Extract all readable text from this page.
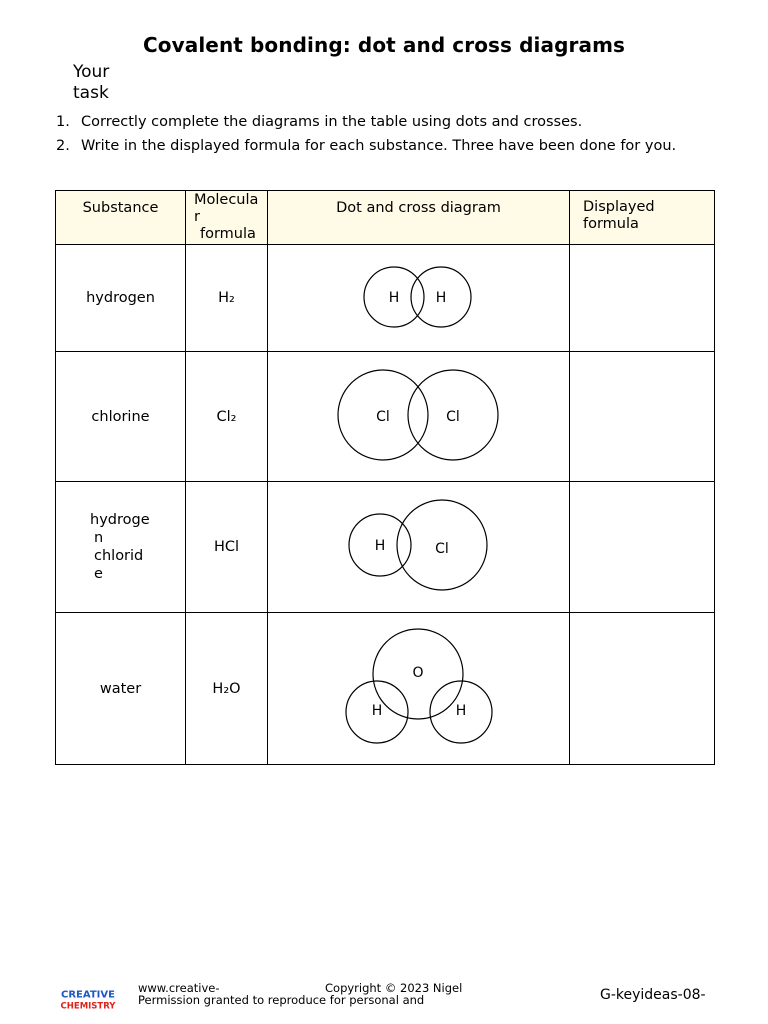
Covalent bonding: dot and cross diagrams
Your task
1. Correctly complete the diagrams in the table using dots and crosses.
2. Write in the displayed formula for each substance. Three have been done for you.
Substance	Molecula
r
formula	Dot and cross diagram	Displayed formula
hydrogen	H₂	H H	

chlorine	Cl₂	Cl Cl	

hydroge
n
chlorid
e	HCl	H Cl	

water	H₂O	O
H H	

CREATIVE
CHEMISTRY
www.creative-
Permission granted to reproduce for personal and
Copyright © 2023 Nigel	G-keyideas-08-
